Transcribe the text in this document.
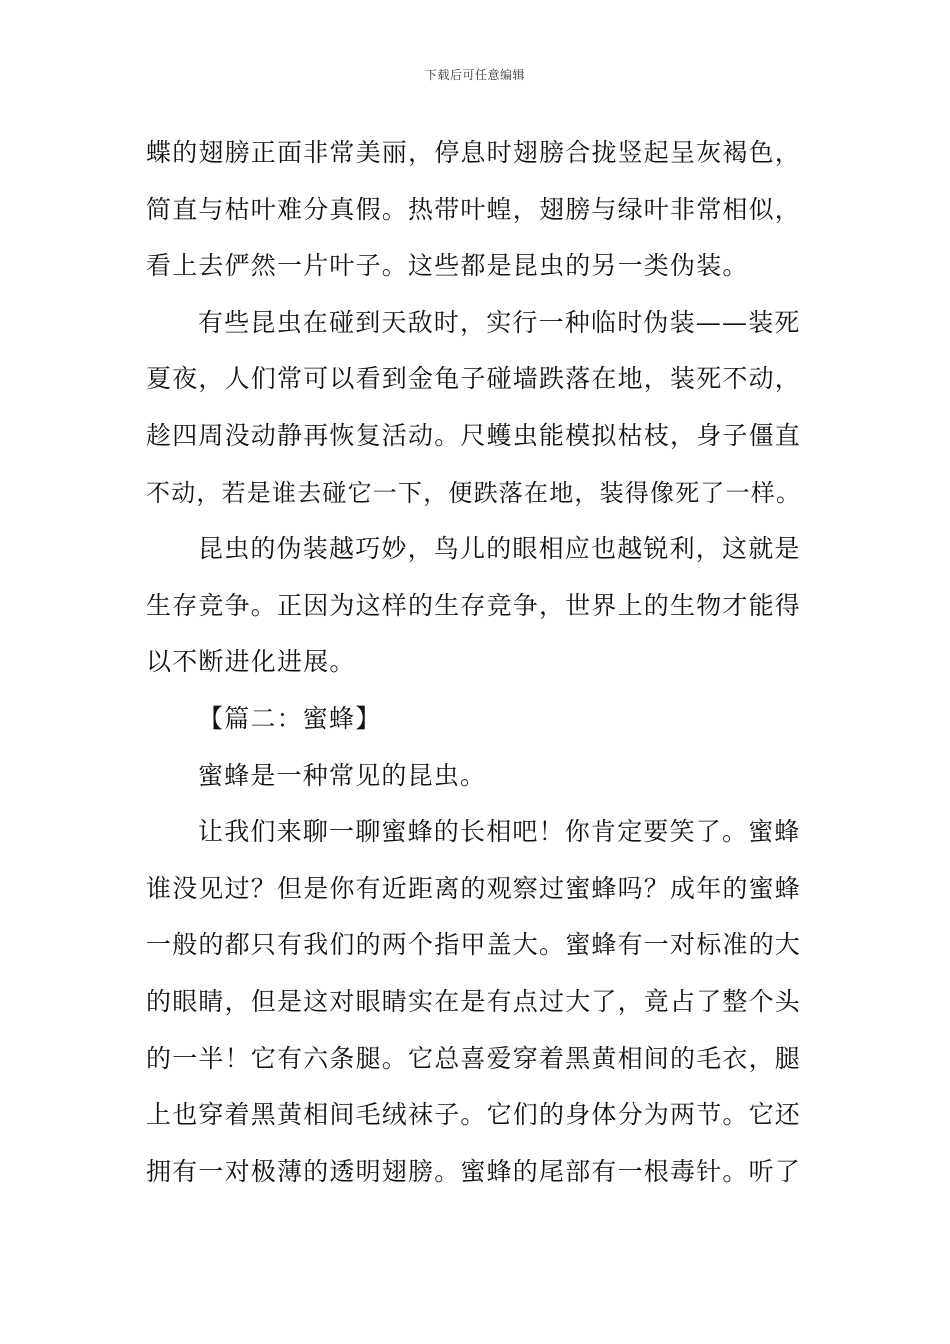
下载后可任意编辑
蝶的翅膀正面非常美丽，停息时翅膀合拢竖起呈灰褐色，
简直与枯叶难分真假。热带叶蝗，翅膀与绿叶非常相似，
看上去俨然一片叶子。这些都是昆虫的另一类伪装。
有些昆虫在碰到天敌时，实行一种临时伪装——装死
夏夜，人们常可以看到金龟子碰墙跌落在地，装死不动，
趁四周没动静再恢复活动。尺蠖虫能模拟枯枝，身子僵直
不动，若是谁去碰它一下，便跌落在地，装得像死了一样。
昆虫的伪装越巧妙，鸟儿的眼相应也越锐利，这就是
生存竞争。正因为这样的生存竞争，世界上的生物才能得
以不断进化进展。
【篇二：蜜蜂】
蜜蜂是一种常见的昆虫。
让我们来聊一聊蜜蜂的长相吧！你肯定要笑了。蜜蜂
谁没见过？但是你有近距离的观察过蜜蜂吗？成年的蜜蜂
一般的都只有我们的两个指甲盖大。蜜蜂有一对标准的大
的眼睛，但是这对眼睛实在是有点过大了，竟占了整个头
的一半！它有六条腿。它总喜爱穿着黑黄相间的毛衣，腿
上也穿着黑黄相间毛绒袜子。它们的身体分为两节。它还
拥有一对极薄的透明翅膀。蜜蜂的尾部有一根毒针。听了
